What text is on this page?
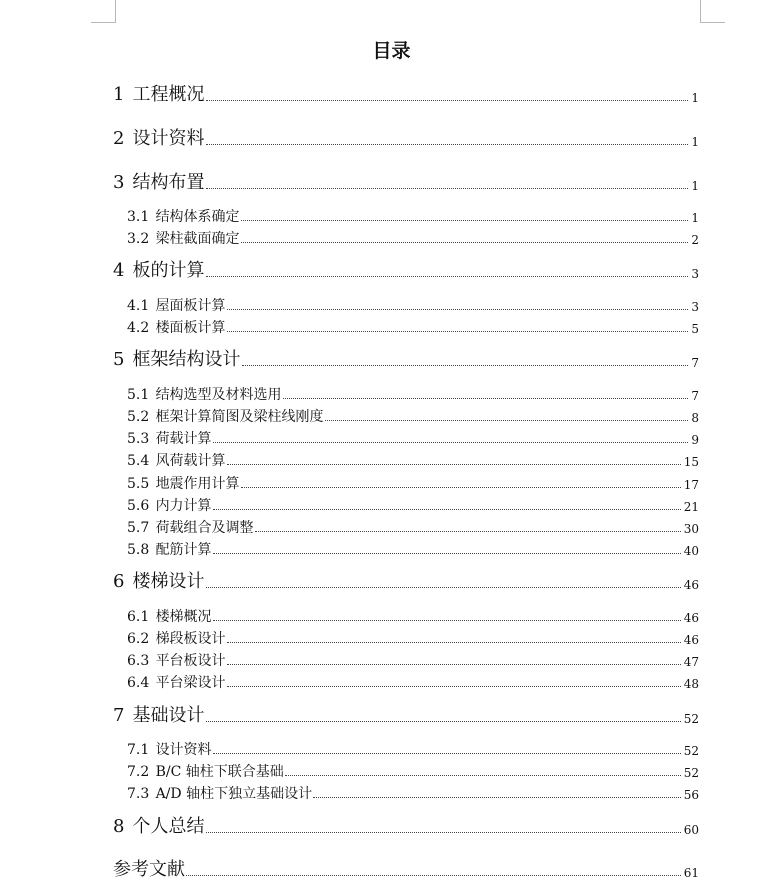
目录
1 工程概况	1
2 设计资料	1
3 结构布置	1
3.1 结构体系确定	1
3.2 梁柱截面确定	2
4 板的计算	3
4.1 屋面板计算	3
4.2 楼面板计算	5
5 框架结构设计	7
5.1 结构选型及材料选用	7
5.2 框架计算简图及梁柱线刚度	8
5.3 荷载计算	9
5.4 风荷载计算	15
5.5 地震作用计算	17
5.6 内力计算	21
5.7 荷载组合及调整	30
5.8 配筋计算	40
6 楼梯设计	46
6.1 楼梯概况	46
6.2 梯段板设计	46
6.3 平台板设计	47
6.4 平台梁设计	48
7 基础设计	52
7.1 设计资料	52
7.2 B/C 轴柱下联合基础	52
7.3 A/D 轴柱下独立基础设计	56
8 个人总结	60
参考文献	61
